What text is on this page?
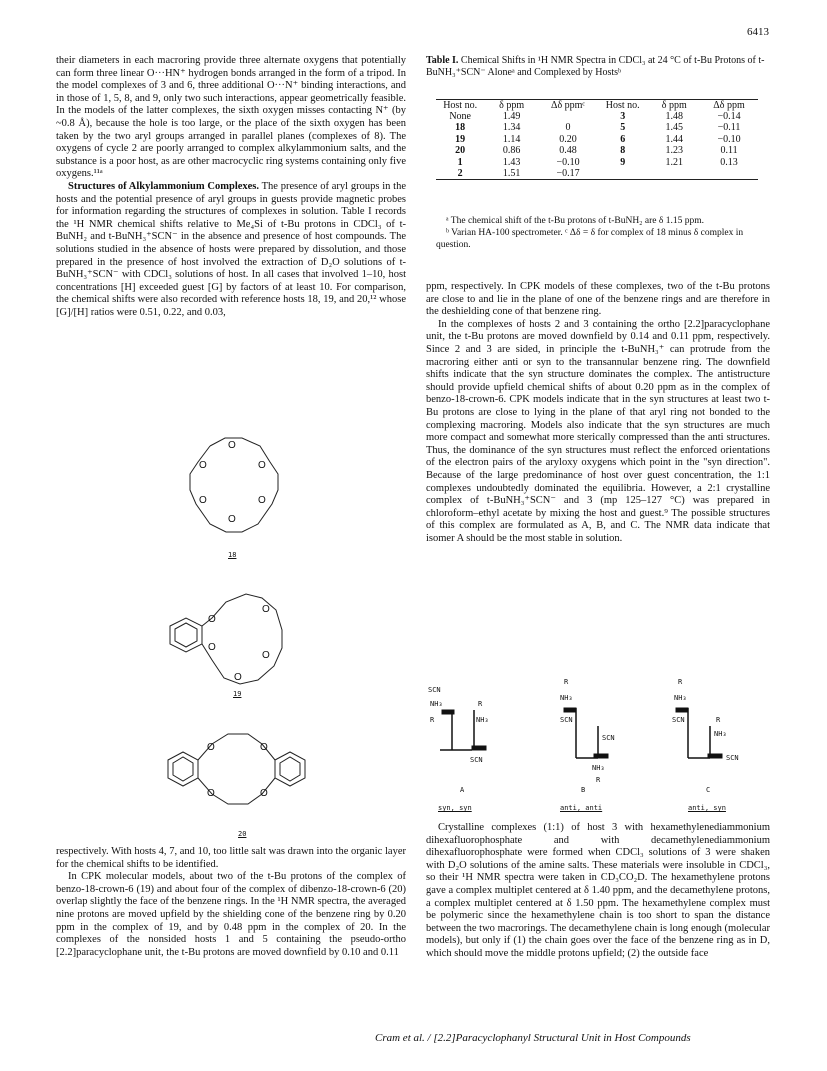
6413

their diameters in each macroring provide three alternate oxygens that potentially can form three linear O···HN⁺ hydrogen bonds arranged in the form of a tripod. In the model complexes of 3 and 6, three additional O···N⁺ binding interactions, and in those of 1, 5, 8, and 9, only two such interactions, appear geometrically feasible. In the models of the latter complexes, the sixth oxygen misses contacting N⁺ (by ~0.8 Å), because the hole is too large, or the place of the sixth oxygen has been taken by the two aryl groups arranged in parallel planes (complexes of 8). The oxygens of cycle 2 are poorly arranged to complex alkylammonium salts, and the substance is a poor host, as are other macrocyclic ring systems containing only five oxygens.¹¹ᵃ

Structures of Alkylammonium Complexes. The presence of aryl groups in the hosts and the potential presence of aryl groups in guests provide magnetic probes for information regarding the structures of complexes in solution. Table I records the ¹H NMR chemical shifts relative to Me₄Si of t-Bu protons in CDCl₃ of t-BuNH₂ and t-BuNH₃⁺SCN⁻ in the absence and presence of host compounds. The solutions studied in the absence of hosts were prepared by dissolution, and those prepared in the presence of host involved the extraction of D₂O solutions of t-BuNH₃⁺SCN⁻ with CDCl₃ solutions of host. In all cases that involved 1–10, host concentrations [H] exceeded guest [G] by factors of at least 10. For comparison, the chemical shifts were also recorded with reference hosts 18, 19, and 20,¹² whose [G]/[H] ratios were 0.51, 0.22, and 0.03,

O
O	O
O	O
O
18
O
O
O
O
O
19
O	O
O	O
20

respectively. With hosts 4, 7, and 10, too little salt was drawn into the organic layer for the chemical shifts to be identified.

In CPK molecular models, about two of the t-Bu protons of the complex of benzo-18-crown-6 (19) and about four of the complex of dibenzo-18-crown-6 (20) overlap slightly the face of the benzene rings. In the ¹H NMR spectra, the averaged nine protons are moved upfield by the shielding cone of the benzene ring by 0.20 ppm in the complex of 19, and by 0.48 ppm in the complex of 20. In the complexes of the nonsided hosts 1 and 5 containing the pseudo-ortho [2.2]paracyclophane unit, the t-Bu protons are moved downfield by 0.10 and 0.11

Table I. Chemical Shifts in ¹H NMR Spectra in CDCl₃ at 24 °C of t-Bu Protons of t-BuNH₃⁺SCN⁻ Aloneᵃ and Complexed by Hostsᵇ
Host no.	δ ppm	Δδ ppmᶜ	Host no.	δ ppm	Δδ ppm
None	1.49		3	1.48	−0.14
18	1.34	0	5	1.45	−0.11
19	1.14	0.20	6	1.44	−0.10
20	0.86	0.48	8	1.23	0.11
1	1.43	−0.10	9	1.21	0.13
2	1.51	−0.17			
ᵃ The chemical shift of the t-Bu protons of t-BuNH₂ are δ 1.15 ppm.
ᵇ Varian HA-100 spectrometer. ᶜ Δδ = δ for complex of 18 minus δ complex in question.

ppm, respectively. In CPK models of these complexes, two of the t-Bu protons are close to and lie in the plane of one of the benzene rings and are therefore in the deshielding cone of that benzene ring.

In the complexes of hosts 2 and 3 containing the ortho [2.2]paracyclophane unit, the t-Bu protons are moved downfield by 0.14 and 0.11 ppm, respectively. Since 2 and 3 are sided, in principle the t-BuNH₃⁺ can protrude from the macroring either anti or syn to the transannular benzene ring. The downfield shifts indicate that the syn structure dominates the complex. The antistructure should provide upfield chemical shifts of about 0.20 ppm as in the complex of benzo-18-crown-6. CPK models indicate that in the syn structures at least two t-Bu protons are close to lying in the plane of that aryl ring not bonded to the complexing macroring. Models also indicate that the syn structures are much more compact and somewhat more sterically compressed than the anti structures. Thus, the dominance of the syn structures must reflect the enforced orientations of the electron pairs of the aryloxy oxygens which point in the "syn direction". Because of the large predominance of host over guest concentration, the 1:1 complexes undoubtedly dominated the equilibria. However, a 2:1 crystalline complex of t-BuNH₃⁺SCN⁻ and 3 (mp 125–127 °C) was prepared in chloroform–ethyl acetate by mixing the host and guest.⁹ The possible structures of this complex are formulated as A, B, and C. The NMR data indicate that isomer A should be the most stable in solution.

SCN
NH₃
R
R
NH₃
SCN
R
NH₃
SCN
SCN
NH₃
R
R
NH₃
SCN	R
NH₃
SCN
A	B	C
syn, syn	anti, anti	anti, syn

Crystalline complexes (1:1) of host 3 with hexamethylenediammonium dihexafluorophosphate and with decamethylenediammonium dihexafluorophosphate were formed when CDCl₃ solutions of 3 were shaken with D₂O solutions of the amine salts. These materials were insoluble in CDCl₃, so their ¹H NMR spectra were taken in CD₃CO₂D. The hexamethylene protons gave a complex multiplet centered at δ 1.40 ppm, and the decamethylene protons, a complex multiplet centered at δ 1.50 ppm. The hexamethylene complex must be polymeric since the hexamethylene chain is too short to span the distance between the two macrorings. The decamethylene chain is long enough (molecular models), but only if (1) the chain goes over the face of the benzene ring as in D, which should move the middle protons upfield; (2) the outside face

Cram et al. / [2.2]Paracyclophanyl Structural Unit in Host Compounds
